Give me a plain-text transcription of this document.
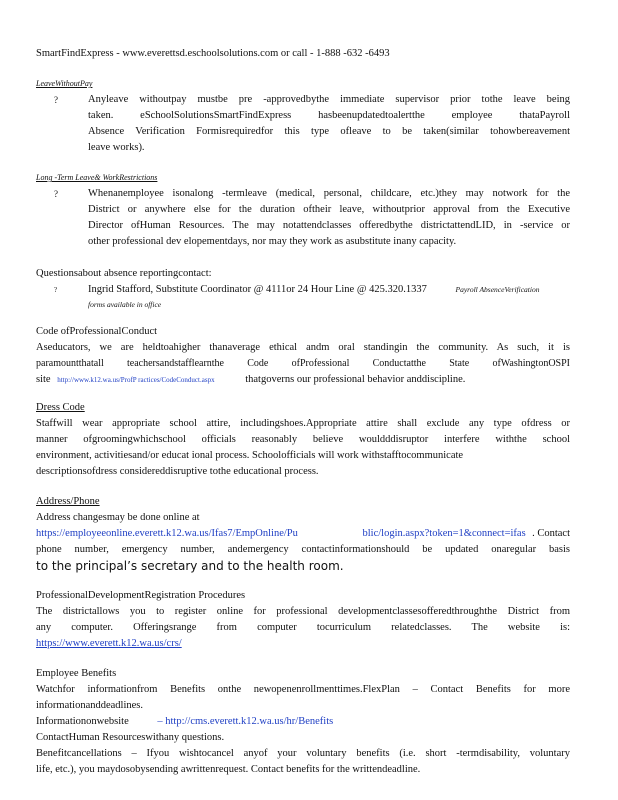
SmartFindExpress - www.everettsd.eschoolsolutions.com or call - 1-888 -632 -6493
LeaveWithoutPay
?	Anyleave withoutpay mustbe pre -approvedbythe immediate supervisor prior tothe leave being
taken. eSchoolSolutionsSmartFindExpress hasbeenupdatedtoalertthe employee thataPayroll
Absence Verification Formisrequiredfor this type ofleave to be taken(similar tohowbereavement
leave works).
Long -Term Leave& WorkRestrictions
?	Whenanemployee isonalong -termleave (medical, personal, childcare, etc.)they may notwork for the
District or anywhere else for the duration oftheir leave, withoutprior approval from the Executive
Director ofHuman Resources. The may notattendclasses offeredbythe districtattendLID, in -service or
other professional dev elopementdays, nor may they work as asubstitute inany capacity.
Questionsabout absence reportingcontact:
?	Ingrid Stafford, Substitute Coordinator @ 4111or 24 Hour Line @ 425.320.1337	Payroll AbsenceVerification
forms available in office
Code ofProfessionalConduct
Aseducators, we are heldtoahigher thanaverage ethical andm oral standingin the community. As such, it is
paramountthatall teachersandstafflearnthe Code ofProfessional Conductatthe State ofWashingtonOSPI
site http://www.k12.wa.us/ProfP ractices/CodeConduct.aspx	thatgoverns our professional behavior anddiscipline.
Dress Code
Staffwill wear appropriate school attire, includingshoes.Appropriate attire shall exclude any type ofdress or
manner ofgroomingwhichschool officials reasonably believe wouldddisruptor interfere withthe school
environment, activitiesand/or educat ional process. Schoolofficials will work withstafftocommunicate
descriptionsofdress considereddisruptive tothe educational process.
Address/Phone
Address changesmay be done online at
https://employeeonline.everett.k12.wa.us/Ifas7/EmpOnline/Pu	blic/login.aspx?token=1&connect=ifas . Contact
phone number, emergency number, andemergency contactinformationshould be updated onaregular basis
to the principal’s secretary and to the health room.
ProfessionalDevelopmentRegistration Procedures
The districtallows you to register online for professional developmentclassesofferedthroughthe District from
any computer. Offeringsrange from computer tocurriculum relatedclasses. The website is:
https://www.everett.k12.wa.us/crs/
Employee Benefits
Watchfor informationfrom Benefits onthe newopenenrollmenttimes.FlexPlan – Contact Benefits for more
informationanddeadlines.
Informationonwebsite	– http://cms.everett.k12.wa.us/hr/Benefits
ContactHuman Resourceswithany questions.
Benefitcancellations – Ifyou wishtocancel anyof your voluntary benefits (i.e. short -termdisability, voluntary
life, etc.), you maydosobysending awrittenrequest. Contact benefits for the writtendeadline.
